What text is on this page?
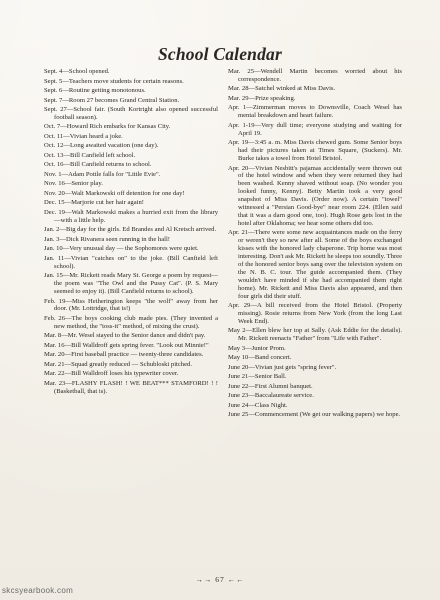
School Calendar

Sept. 4—School opened.

Sept. 5—Teachers move students for certain reasons.

Sept. 6—Routine getting monotonous.

Sept. 7—Room 27 becomes Grand Central Station.

Sept. 27—School fair. (South Kortright also opened successful football season).

Oct. 7—Howard Rich embarks for Kansas City.

Oct. 11—Vivian heard a joke.

Oct. 12—Long awaited vacation (one day).

Oct. 13—Bill Canfield left school.

Oct. 16—Bill Canfield returns to school.

Nov. 1—Adam Pottle falls for "Little Evie".

Nov. 16—Senior play.

Nov. 20—Walt Markowski off detention for one day!

Dec. 15—Marjorie cut her hair again!

Dec. 19—Walt Markowski makes a hurried exit from the library—with a little help.

Jan. 2—Big day for the girls. Ed Brandes and Al Kretsch arrived.

Jan. 3—Dick Rivanera seen running in the hall!

Jan. 10—Very unusual day — the Sophomores were quiet.

Jan. 11—Vivian "catches on" to the joke. (Bill Canfield left school).

Jan. 15—Mr. Rickett reads Mary St. George a poem by request—the poem was "The Owl and the Pussy Cat". (P. S. Mary seemed to enjoy it). (Bill Canfield returns to school).

Feb. 19—Miss Hetherington keeps "the wolf" away from her door. (Mr. Lottridge, that is!)

Feb. 26—The boys cooking club made pies. (They invented a new method, the "toss-it" method, of mixing the crust).

Mar. 8—Mr. Wesel stayed to the Senior dance and didn't pay.

Mar. 16—Bill Walldroff gets spring fever. "Look out Minnie!"

Mar. 20—First baseball practice — twenty-three candidates.

Mar. 21—Squad greatly reduced — Schubloski pitched.

Mar. 22—Bill Walldroff loses his typewriter cover.

Mar. 23—FLASHY FLASH! ! WE BEAT*** STAMFORD! ! ! (Basketball, that is).

Mar. 25—Wendell Martin becomes worried about his correspondence.

Mar. 28—Satchel winked at Miss Davis.

Mar. 29—Prize speaking.

Apr. 1—Zimmerman moves to Downsville, Coach Wesel has mental breakdown and heart failure.

Apr. 1-19—Very dull time; everyone studying and waiting for April 19.

Apr. 19—3:45 a. m. Miss Davis chewed gum. Some Senior boys had their pictures taken at Times Square, (Suckers). Mr. Burke takes a towel from Hotel Bristol.

Apr. 20—Vivian Nesbitt's pajamas accidentally were thrown out of the hotel window and when they were returned they had been washed. Kenny shaved without soap. (No wonder you looked funny, Kenny). Betty Martin took a very good snapshot of Miss Davis. (Order now). A certain "towel" witnessed a "Persian Good-bye" near room 224. (Ellen said that it was a darn good one, too). Hugh Rose gets lost in the hotel after Oklahoma; we hear some others did too.

Apr. 21—There were some new acquaintances made on the ferry or weren't they so new after all. Some of the boys exchanged kisses with the honored lady chaperone. Trip home was most interesting. Don't ask Mr. Rickett he sleeps too soundly. Three of the honored senior boys sang over the television system on the N. B. C. tour. The guide accompanied them. (They wouldn't have minded if she had accompanied them right home). Mr. Rickett and Miss Davis also appeared, and then four girls did their stuff.

Apr. 29—A bill received from the Hotel Bristol. (Property missing). Rosie returns from New York (from the long Last Week End).

May 2—Ellen blew her top at Sally. (Ask Eddie for the details). Mr. Rickett reenacts "Father" from "Life with Father".

May 3—Junior Prom.

May 10—Band concert.

June 20—Vivian just gets "spring fever".

June 21—Senior Ball.

June 22—First Alumni banquet.

June 23—Baccalaureate service.

June 24—Class Night.

June 25—Commencement (We get our walking papers) we hope.

→→ 67 ←←
skcsyearbook.com
